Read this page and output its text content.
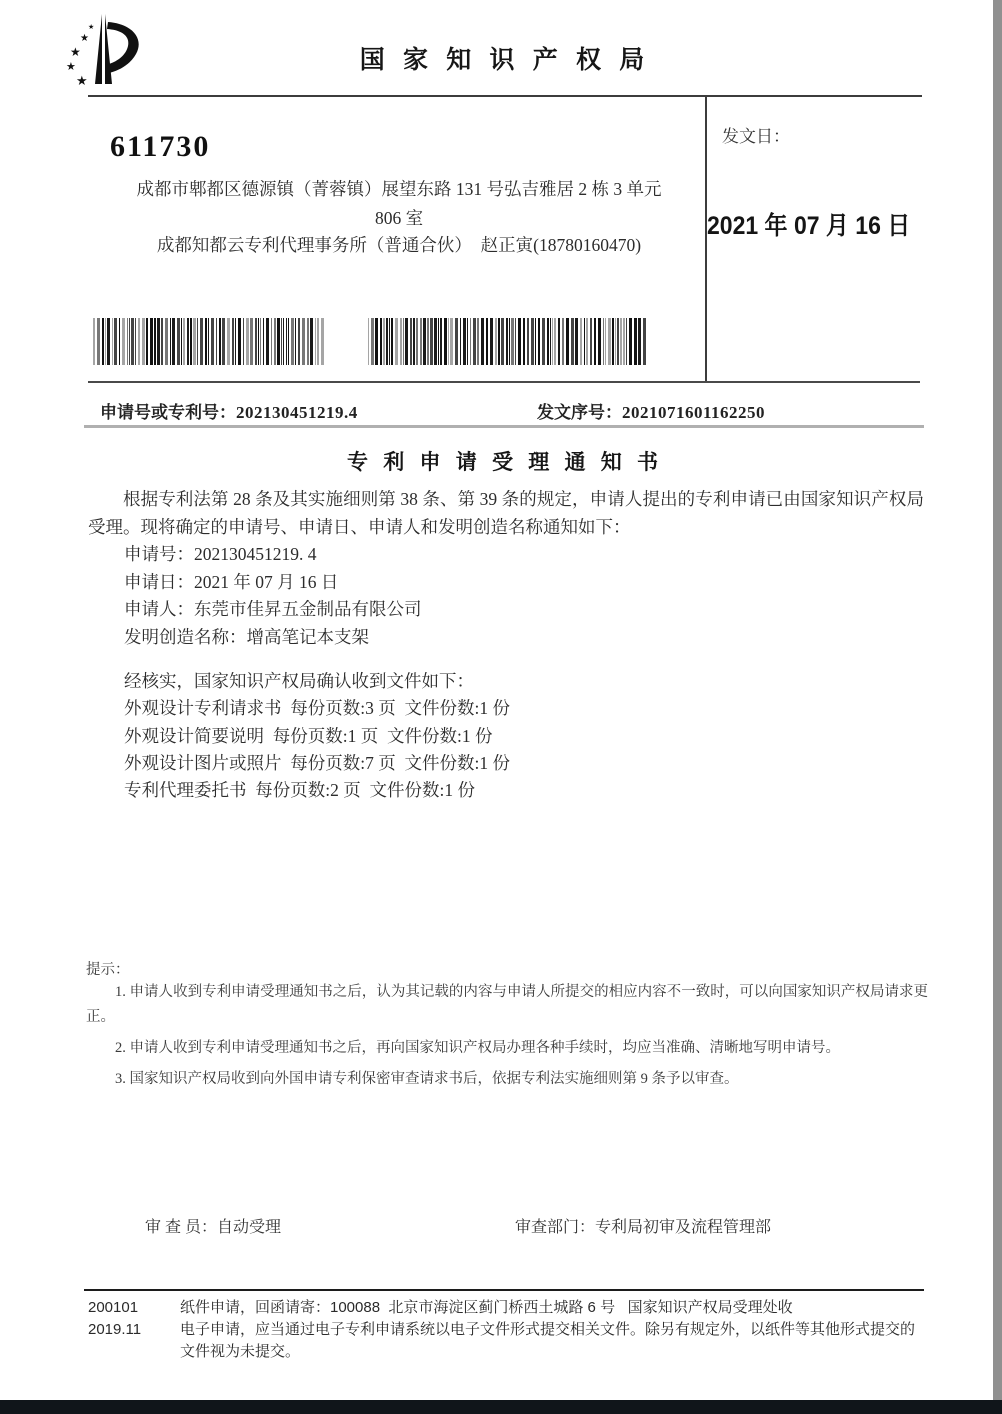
★
★
★
★
★
国 家 知 识 产 权 局
611730
成都市郫都区德源镇（菁蓉镇）展望东路 131 号弘吉雅居 2 栋 3 单元
806 室
成都知都云专利代理事务所（普通合伙）  赵正寅(18780160470)
发文日：
2021 年 07 月 16 日
申请号或专利号：202130451219.4	发文序号：2021071601162250
专 利 申 请 受 理 通 知 书

根据专利法第 28 条及其实施细则第 38 条、第 39 条的规定，申请人提出的专利申请已由国家知识产权局受理。现将确定的申请号、申请日、申请人和发明创造名称通知如下：

申请号：202130451219. 4
申请日：2021 年 07 月 16 日
申请人：东莞市佳昇五金制品有限公司
发明创造名称：增高笔记本支架
经核实，国家知识产权局确认收到文件如下：
外观设计专利请求书  每份页数:3 页  文件份数:1 份
外观设计简要说明  每份页数:1 页  文件份数:1 份
外观设计图片或照片  每份页数:7 页  文件份数:1 份
专利代理委托书  每份页数:2 页  文件份数:1 份
提示：

1. 申请人收到专利申请受理通知书之后，认为其记载的内容与申请人所提交的相应内容不一致时，可以向国家知识产权局请求更正。

2. 申请人收到专利申请受理通知书之后，再向国家知识产权局办理各种手续时，均应当准确、清晰地写明申请号。

3. 国家知识产权局收到向外国申请专利保密审查请求书后，依据专利法实施细则第 9 条予以审查。

审 查 员：自动受理	审查部门：专利局初审及流程管理部
200101
2019.11
纸件申请，回函请寄：100088  北京市海淀区蓟门桥西土城路 6 号   国家知识产权局受理处收
电子申请，应当通过电子专利申请系统以电子文件形式提交相关文件。除另有规定外，以纸件等其他形式提交的文件视为未提交。
